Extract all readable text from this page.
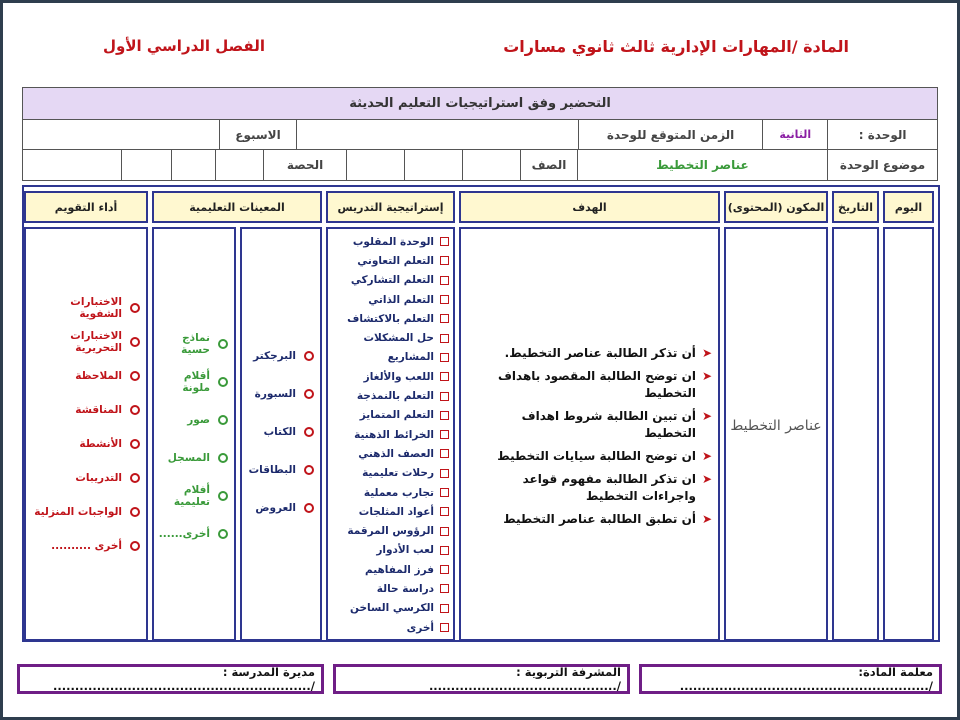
المادة /المهارات الإدارية ثالث ثانوي مسارات
الفصل الدراسي الأول
التحضير وفق استراتيجيات التعليم الحديثة
الوحدة :
الثانية
الزمن المتوقع للوحدة
الاسبوع
موضوع الوحدة
عناصر التخطيط
الصف
الحصة
اليوم
التاريخ
المكون (المحتوى)
الهدف
إستراتيجية التدريس
المعينات التعليمية
أداء التقويم
عناصر التخطيط
➤
أن تذكر الطالبة عناصر التخطيط.
➤
ان توضح الطالبة المقصود باهداف التخطيط
➤
أن تبين الطالبة شروط اهداف التخطيط
➤
ان توضح الطالبة سيايات التخطيط
➤
ان تذكر الطالبة مفهوم قواعد واجراءات التخطيط
➤
أن تطبق الطالبة عناصر التخطيط
الوحدة المقلوب
التعلم التعاوني
التعلم التشاركي
التعلم الذاتي
التعلم بالاكتشاف
حل المشكلات
المشاريع
اللعب والألغاز
التعلم بالنمذجة
التعلم المتمايز
الخرائط الذهنية
العصف الذهني
رحلات تعليمية
تجارب معملية
أعواد المثلجات
الرؤوس المرقمة
لعب الأدوار
فرز المفاهيم
دراسة حالة
الكرسي الساخن
أخرى
البرجكتر
السبورة
الكتاب
البطاقات
العروض
نماذج حسية
أقلام ملونة
صور
المسجل
أفلام تعليمية
أخرى......
الاختبارات الشفوية
الاختبارات التحريرية
الملاحظة
المناقشة
الأنشطة
التدريبات
الواجبات المنزلية
أخرى ..........
معلمة المادة: /.........................................................
المشرفة التربوية : /...........................................
مديرة المدرسة : /...........................................................
